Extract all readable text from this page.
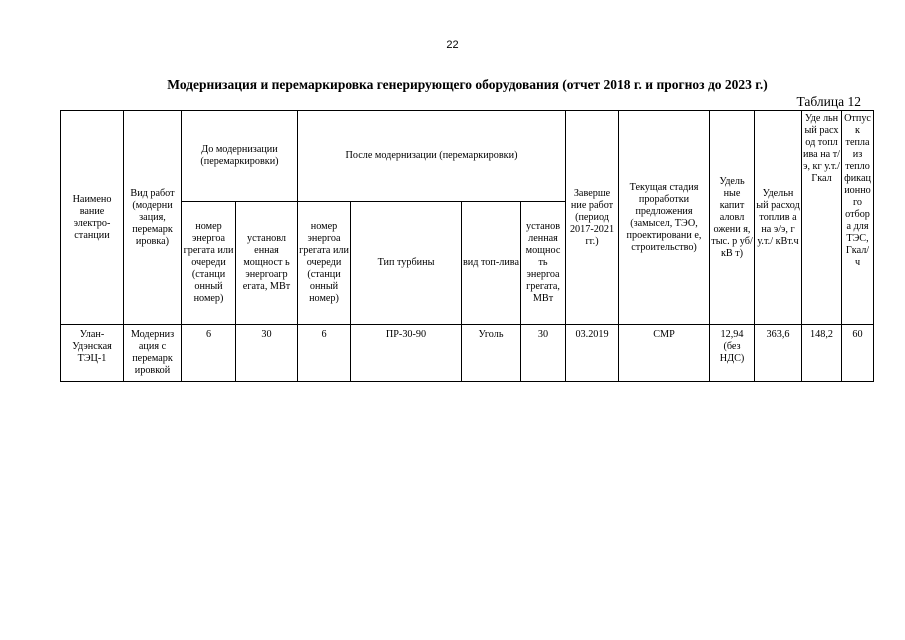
22
Модернизация и перемаркировка генерирующего оборудования (отчет 2018 г. и прогноз до 2023 г.)
Таблица 12
Наимено вание электро-станции	Вид работ (модерни зация, перемарк ировка)	До модернизации (перемаркировки)		После модернизации (перемаркировки)				Заверше ние работ (период 2017-2021 гг.)	Текущая стадия проработки предложения (замысел, ТЭО, проектировани е, строительство)	Удель ные капит аловл ожени я, тыс. р уб/кВ т)	Удельн ый расход топлив а на э/э, г у.т./ кВт.ч	Уде льн ый расх од топл ива на т/э, кг у.т./ Гкал	Отпус к тепла из тепло фикац ионно го отбор а для ТЭС, Гкал/ ч
		номер энергоа грегата или очереди (станци онный номер)	установл енная мощност ь энергоагр егата, МВт	номер энергоа грегата или очереди (станци онный номер)	Тип турбины	вид топ-лива	установ ленная мощнос ть энергоа грегата, МВт						
Улан-Удэнская ТЭЦ-1	Модерниз ация с перемарк ировкой	6	30	6	ПР-30-90	Уголь	30	03.2019	СМР	12,94 (без НДС)	363,6	148,2	60
